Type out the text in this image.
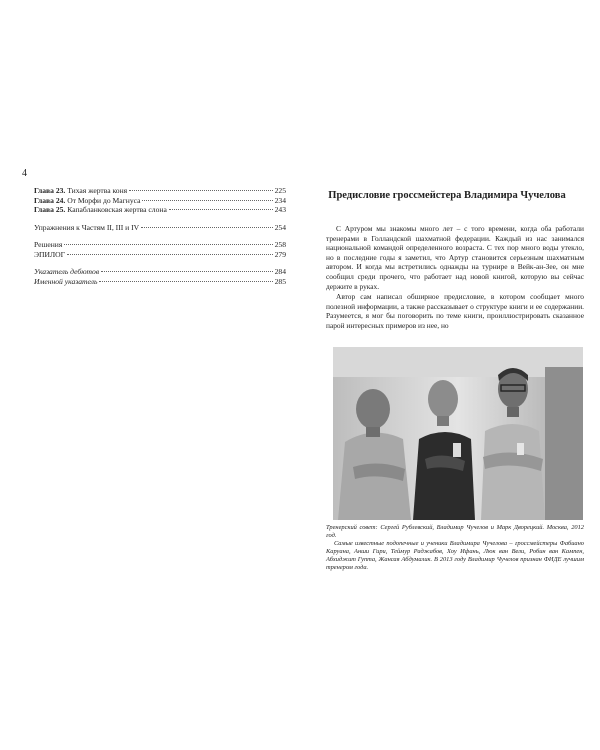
4
Глава 23. Тихая жертва коня	225
Глава 24. От Морфи до Магнуса	234
Глава 25. Капабланковская жертва слона	243
Упражнения к Частям II, III и IV	254
Решения	258
ЭПИЛОГ	279
Указатель дебютов	284
Именной указатель	285
Предисловие гроссмейстера Владимира Чучелова

С Артуром мы знакомы много лет – с того времени, когда оба работали тренерами в Голландской шахматной федерации. Каждый из нас занимался национальной командой определенного возраста. С тех пор много воды утекло, но в последние годы я заметил, что Артур становится серьезным шахматным автором. И когда мы встретились однажды на турнире в Вейк-ан-Зее, он мне сообщил среди прочего, что работает над новой книгой, которую вы сейчас держите в руках.

Автор сам написал обширное предисловие, в котором сообщает много полезной информации, а также рассказывает о структуре книги и ее содержании. Разумеется, я мог бы поговорить по теме книги, проиллюстрировать сказанное парой интересных примеров из нее, но

Тренерский совет: Сергей Рублевский, Владимир Чучелов и Марк Дворецкий. Москва, 2012 год.

Самые известные подопечные и ученики Владимира Чучелова – гроссмейстеры Фабиано Каруана, Анши Гири, Теймур Раджабов, Хоу Ифань, Люк ван Вели, Робин ван Кампен, Абхиджит Гупта, Жансая Абдумалик. В 2013 году Владимир Чучелов признан ФИДЕ лучшим тренером года.
